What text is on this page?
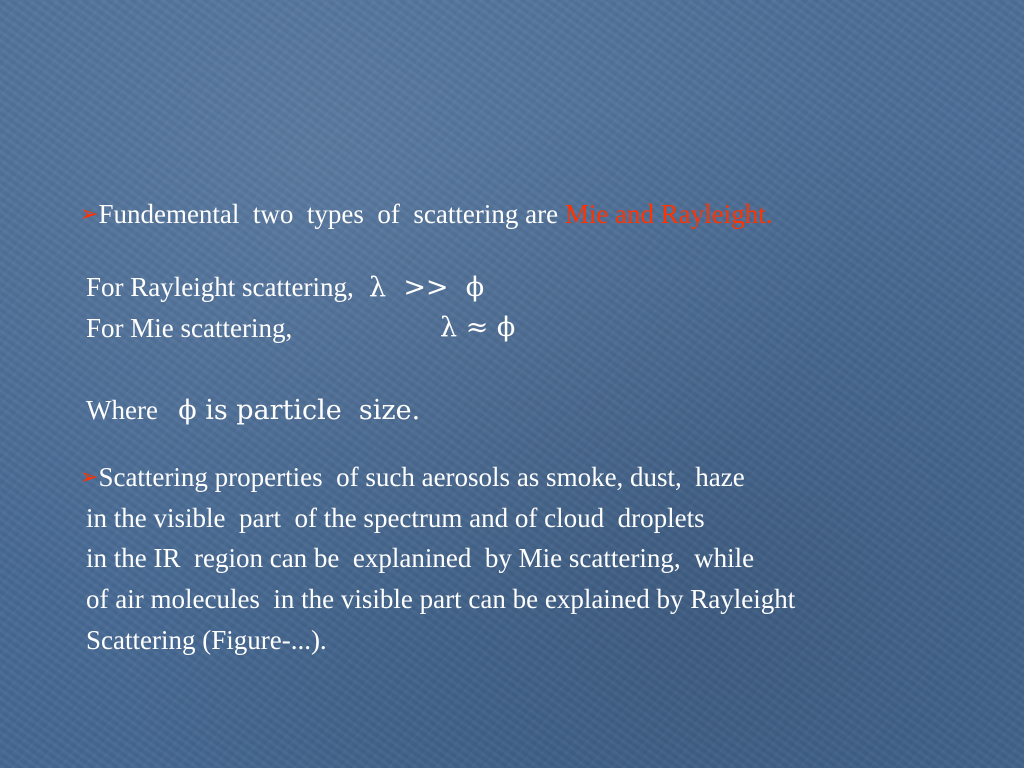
➢Fundemental  two  types  of  scattering are Mie and Rayleight.

For Rayleight scattering,  λ  >>  ϕ

For Mie scattering,	λ ≈ ϕ

Where   ϕ is particle  size.

➢Scattering properties  of such aerosols as smoke, dust,  haze

in the visible  part  of the spectrum and of cloud  droplets

in the IR  region can be  explanined  by Mie scattering,  while

of air molecules  in the visible part can be explained by Rayleight

Scattering (Figure-...).
